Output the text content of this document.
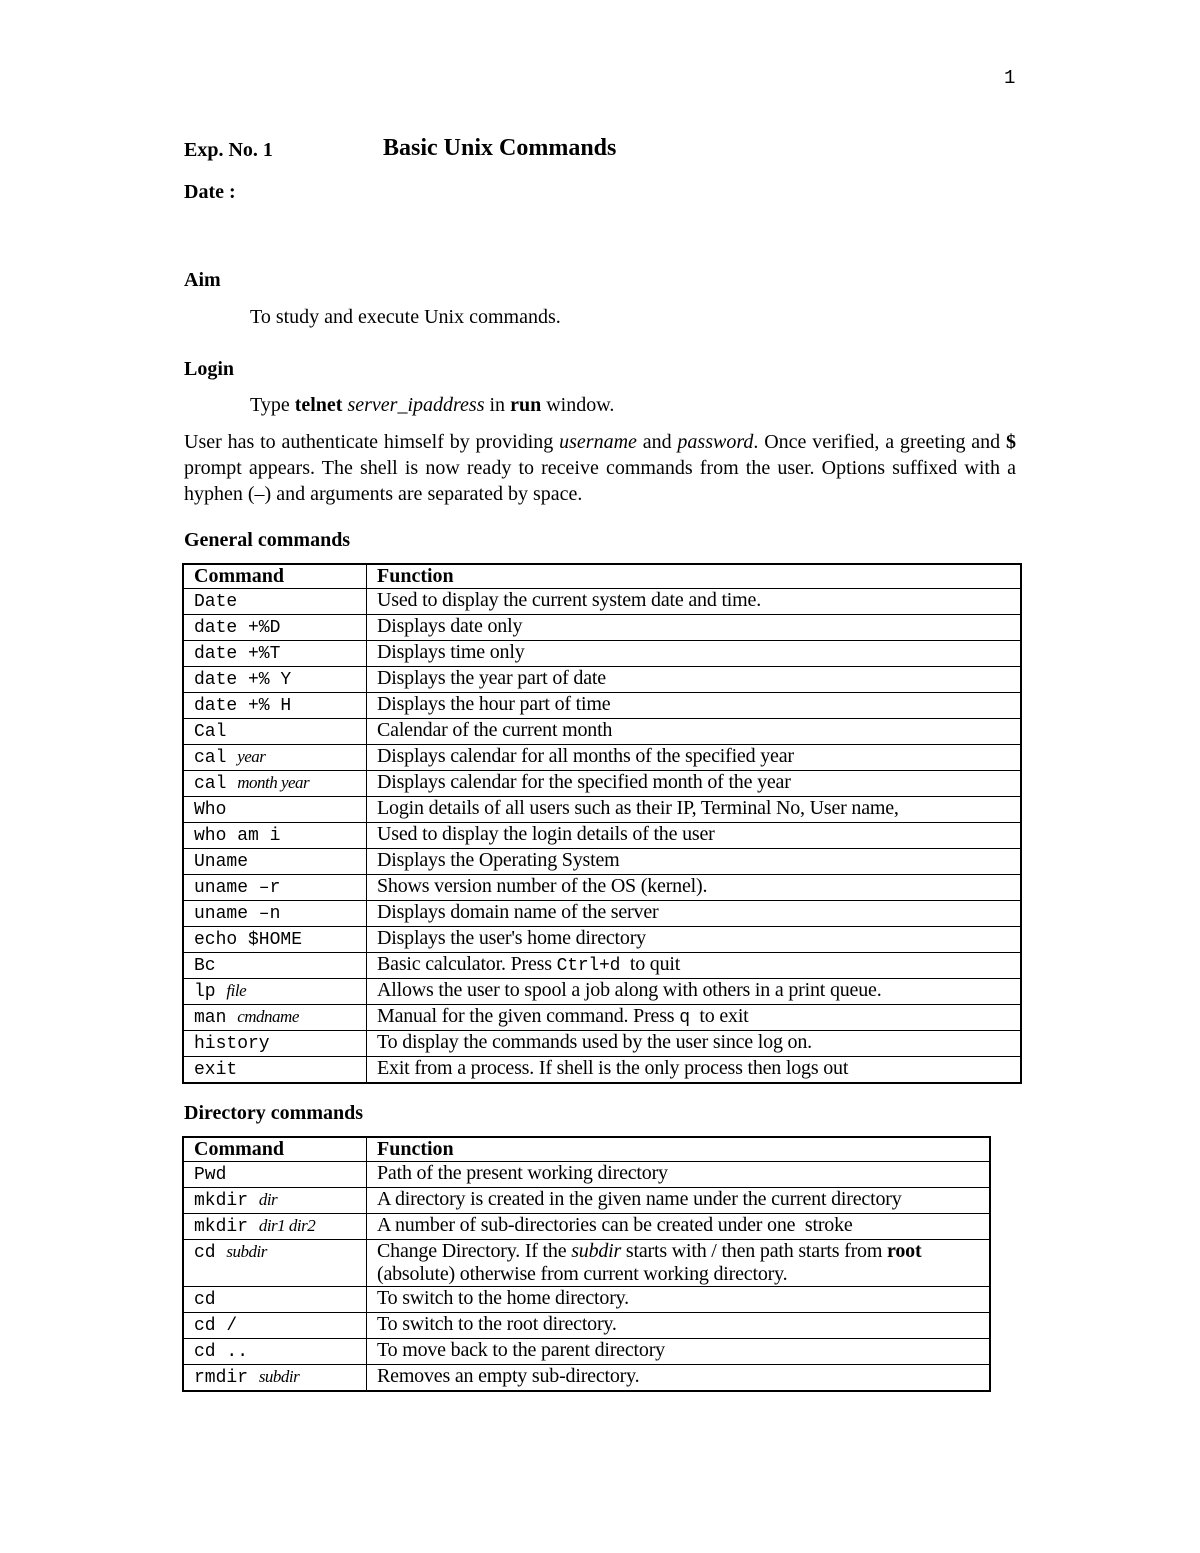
1
Exp. No. 1	Basic Unix Commands
Date :
Aim
To study and execute Unix commands.
Login
Type telnet server_ipaddress in run window.
User has to authenticate himself by providing username and password. Once verified, a greeting and $ prompt appears. The shell is now ready to receive commands from the user. Options suffixed with a hyphen (–) and arguments are separated by space.
General commands
Command	Function
Date	Used to display the current system date and time.
date +%D	Displays date only
date +%T	Displays time only
date +% Y	Displays the year part of date
date +% H	Displays the hour part of time
Cal	Calendar of the current month
cal year	Displays calendar for all months of the specified year
cal month year	Displays calendar for the specified month of the year
Who	Login details of all users such as their IP, Terminal No, User name,
who am i	Used to display the login details of the user
Uname	Displays the Operating System
uname –r	Shows version number of the OS (kernel).
uname –n	Displays domain name of the server
echo $HOME	Displays the user's home directory
Bc	Basic calculator. Press Ctrl+d  to quit
lp file	Allows the user to spool a job along with others in a print queue.
man cmdname	Manual for the given command. Press q  to exit
history	To display the commands used by the user since log on.
exit	Exit from a process. If shell is the only process then logs out
Directory commands
Command	Function
Pwd	Path of the present working directory
mkdir dir	A directory is created in the given name under the current directory
mkdir dir1 dir2	A number of sub-directories can be created under one  stroke
cd subdir	Change Directory. If the subdir starts with / then path starts from root (absolute) otherwise from current working directory.
cd	To switch to the home directory.
cd /	To switch to the root directory.
cd ..	To move back to the parent directory
rmdir subdir	Removes an empty sub-directory.
